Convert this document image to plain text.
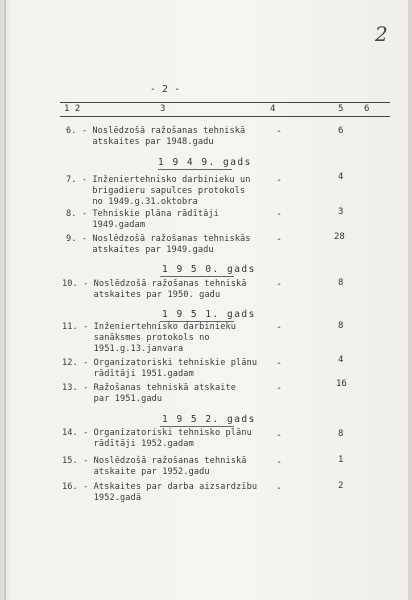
2
- 2 -
1 2	3	4	5 6
6. - Noslēdzošā ražošanas tehniskā
atskaites par 1948.gadu
-	6
1 9 4 9. gads
7. - Inženiertehnisko darbinieku un
brigadieru sapulces protokols
no 1949.g.31.oktobra
-	4
8. - Tehniskie plāna rādītāji
1949.gadam
-	3
9. - Noslēdzošā ražošanas tehniskās
atskaites par 1949.gadu
-	28
1 9 5 0. gads
10. - Noslēdzošā ražošanas tehniskā
atskaites par 1950. gadu
-	8
1 9 5 1. gads
11. - Inženiertehnisko darbinieku
sanāksmes protokols no
1951.g.13.janvara
-	8
12. - Organizatoriski tehniskie plānu
rādītāji 1951.gadam
-	4
13. - Ražošanas tehniskā atskaite
par 1951.gadu
-	16
1 9 5 2. gads
14. - Organizatoriski tehnisko plānu
rādītāji 1952.gadam
-	8
15. - Noslēdzošā ražošanas tehniskā
atskaite par 1952.gadu
-	1
16. - Atskaites par darba aizsardzību
1952.gadā
-	2
